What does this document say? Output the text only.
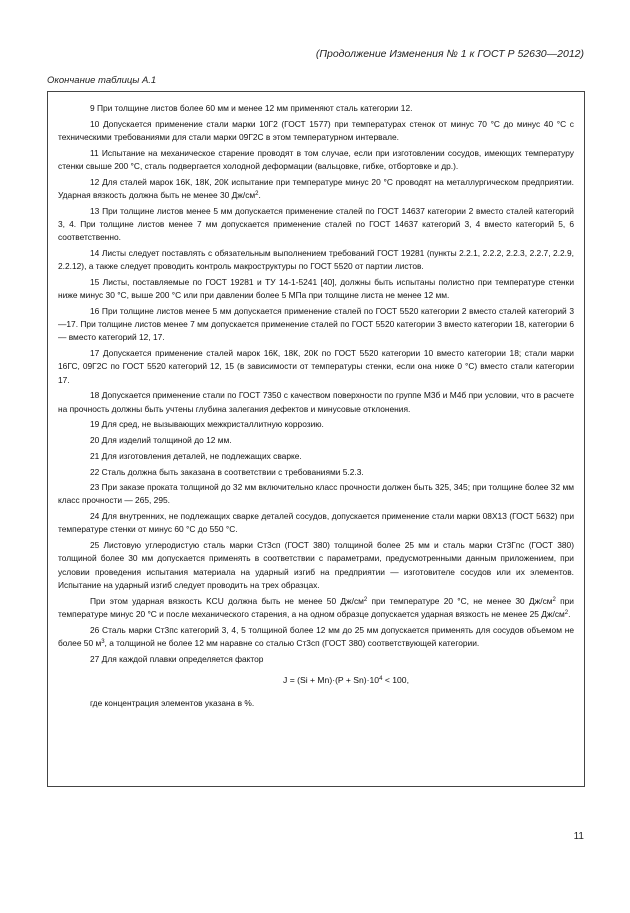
(Продолжение Изменения № 1 к ГОСТ Р 52630—2012)
Окончание таблицы А.1

9 При толщине листов более 60 мм и менее 12 мм применяют сталь категории 12.

10 Допускается применение стали марки 10Г2 (ГОСТ 1577) при температурах стенок от минус 70 °С до минус 40 °С с техническими требованиями для стали марки 09Г2С в этом температурном интервале.

11 Испытание на механическое старение проводят в том случае, если при изготовлении сосудов, имеющих температуру стенки свыше 200 °С, сталь подвергается холодной деформации (вальцовке, гибке, отбортовке и др.).

12 Для сталей марок 16К, 18К, 20К испытание при температуре минус 20 °С проводят на металлургическом предприятии. Ударная вязкость должна быть не менее 30 $Дж/см^2$.

13 При толщине листов менее 5 мм допускается применение сталей по ГОСТ 14637 категории 2 вместо сталей категорий 3, 4. При толщине листов менее 7 мм допускается применение сталей по ГОСТ 14637 категорий 3, 4 вместо категорий 5, 6 соответственно.

14 Листы следует поставлять с обязательным выполнением требований ГОСТ 19281 (пункты 2.2.1, 2.2.2, 2.2.3, 2.2.7, 2.2.9, 2.2.12), а также следует проводить контроль макроструктуры по ГОСТ 5520 от партии листов.

15 Листы, поставляемые по ГОСТ 19281 и ТУ 14-1-5241 [40], должны быть испытаны полистно при температуре стенки ниже минус 30 °С, выше 200 °С или при давлении более 5 МПа при толщине листа не менее 12 мм.

16 При толщине листов менее 5 мм допускается применение сталей по ГОСТ 5520 категории 2 вместо сталей категорий 3—17. При толщине листов менее 7 мм допускается применение сталей по ГОСТ 5520 категории 3 вместо категории 18, категории 6 — вместо категорий 12, 17.

17 Допускается применение сталей марок 16К, 18К, 20К по ГОСТ 5520 категории 10 вместо категории 18; стали марки 16ГС, 09Г2С по ГОСТ 5520 категорий 12, 15 (в зависимости от температуры стенки, если она ниже 0 °С) вместо стали категории 17.

18 Допускается применение стали по ГОСТ 7350 с качеством поверхности по группе М3б и М4б при условии, что в расчете на прочность должны быть учтены глубина залегания дефектов и минусовые отклонения.

19 Для сред, не вызывающих межкристаллитную коррозию.

20 Для изделий толщиной до 12 мм.

21 Для изготовления деталей, не подлежащих сварке.

22 Сталь должна быть заказана в соответствии с требованиями 5.2.3.

23 При заказе проката толщиной до 32 мм включительно класс прочности должен быть 325, 345; при толщине более 32 мм класс прочности — 265, 295.

24 Для внутренних, не подлежащих сварке деталей сосудов, допускается применение стали марки 08Х13 (ГОСТ 5632) при температуре стенки от минус 60 °С до 550 °С.

25 Листовую углеродистую сталь марки Ст3сп (ГОСТ 380) толщиной более 25 мм и сталь марки Ст3Гпс (ГОСТ 380) толщиной более 30 мм допускается применять в соответствии с параметрами, предусмотренными данным приложением, при условии проведения испытания материала на ударный изгиб на предприятии — изготовителе сосудов или их элементов. Испытание на ударный изгиб следует проводить на трех образцах.

При этом ударная вязкость KCU должна быть не менее 50 $Дж/см^2$ при температуре 20 °С, не менее 30 $Дж/см^2$ при температуре минус 20 °С и после механического старения, а на одном образце допускается ударная вязкость не менее 25 $Дж/см^2$.

26 Сталь марки Ст3пс категорий 3, 4, 5 толщиной более 12 мм до 25 мм допускается применять для сосудов объемом не более 50 $м^3$, а толщиной не более 12 мм наравне со сталью Ст3сп (ГОСТ 380) соответствующей категории.

27 Для каждой плавки определяется фактор

$J = (Si + Mn)\cdot(P + Sn)\cdot 10^4 < 100$,

где концентрация элементов указана в %.

11
